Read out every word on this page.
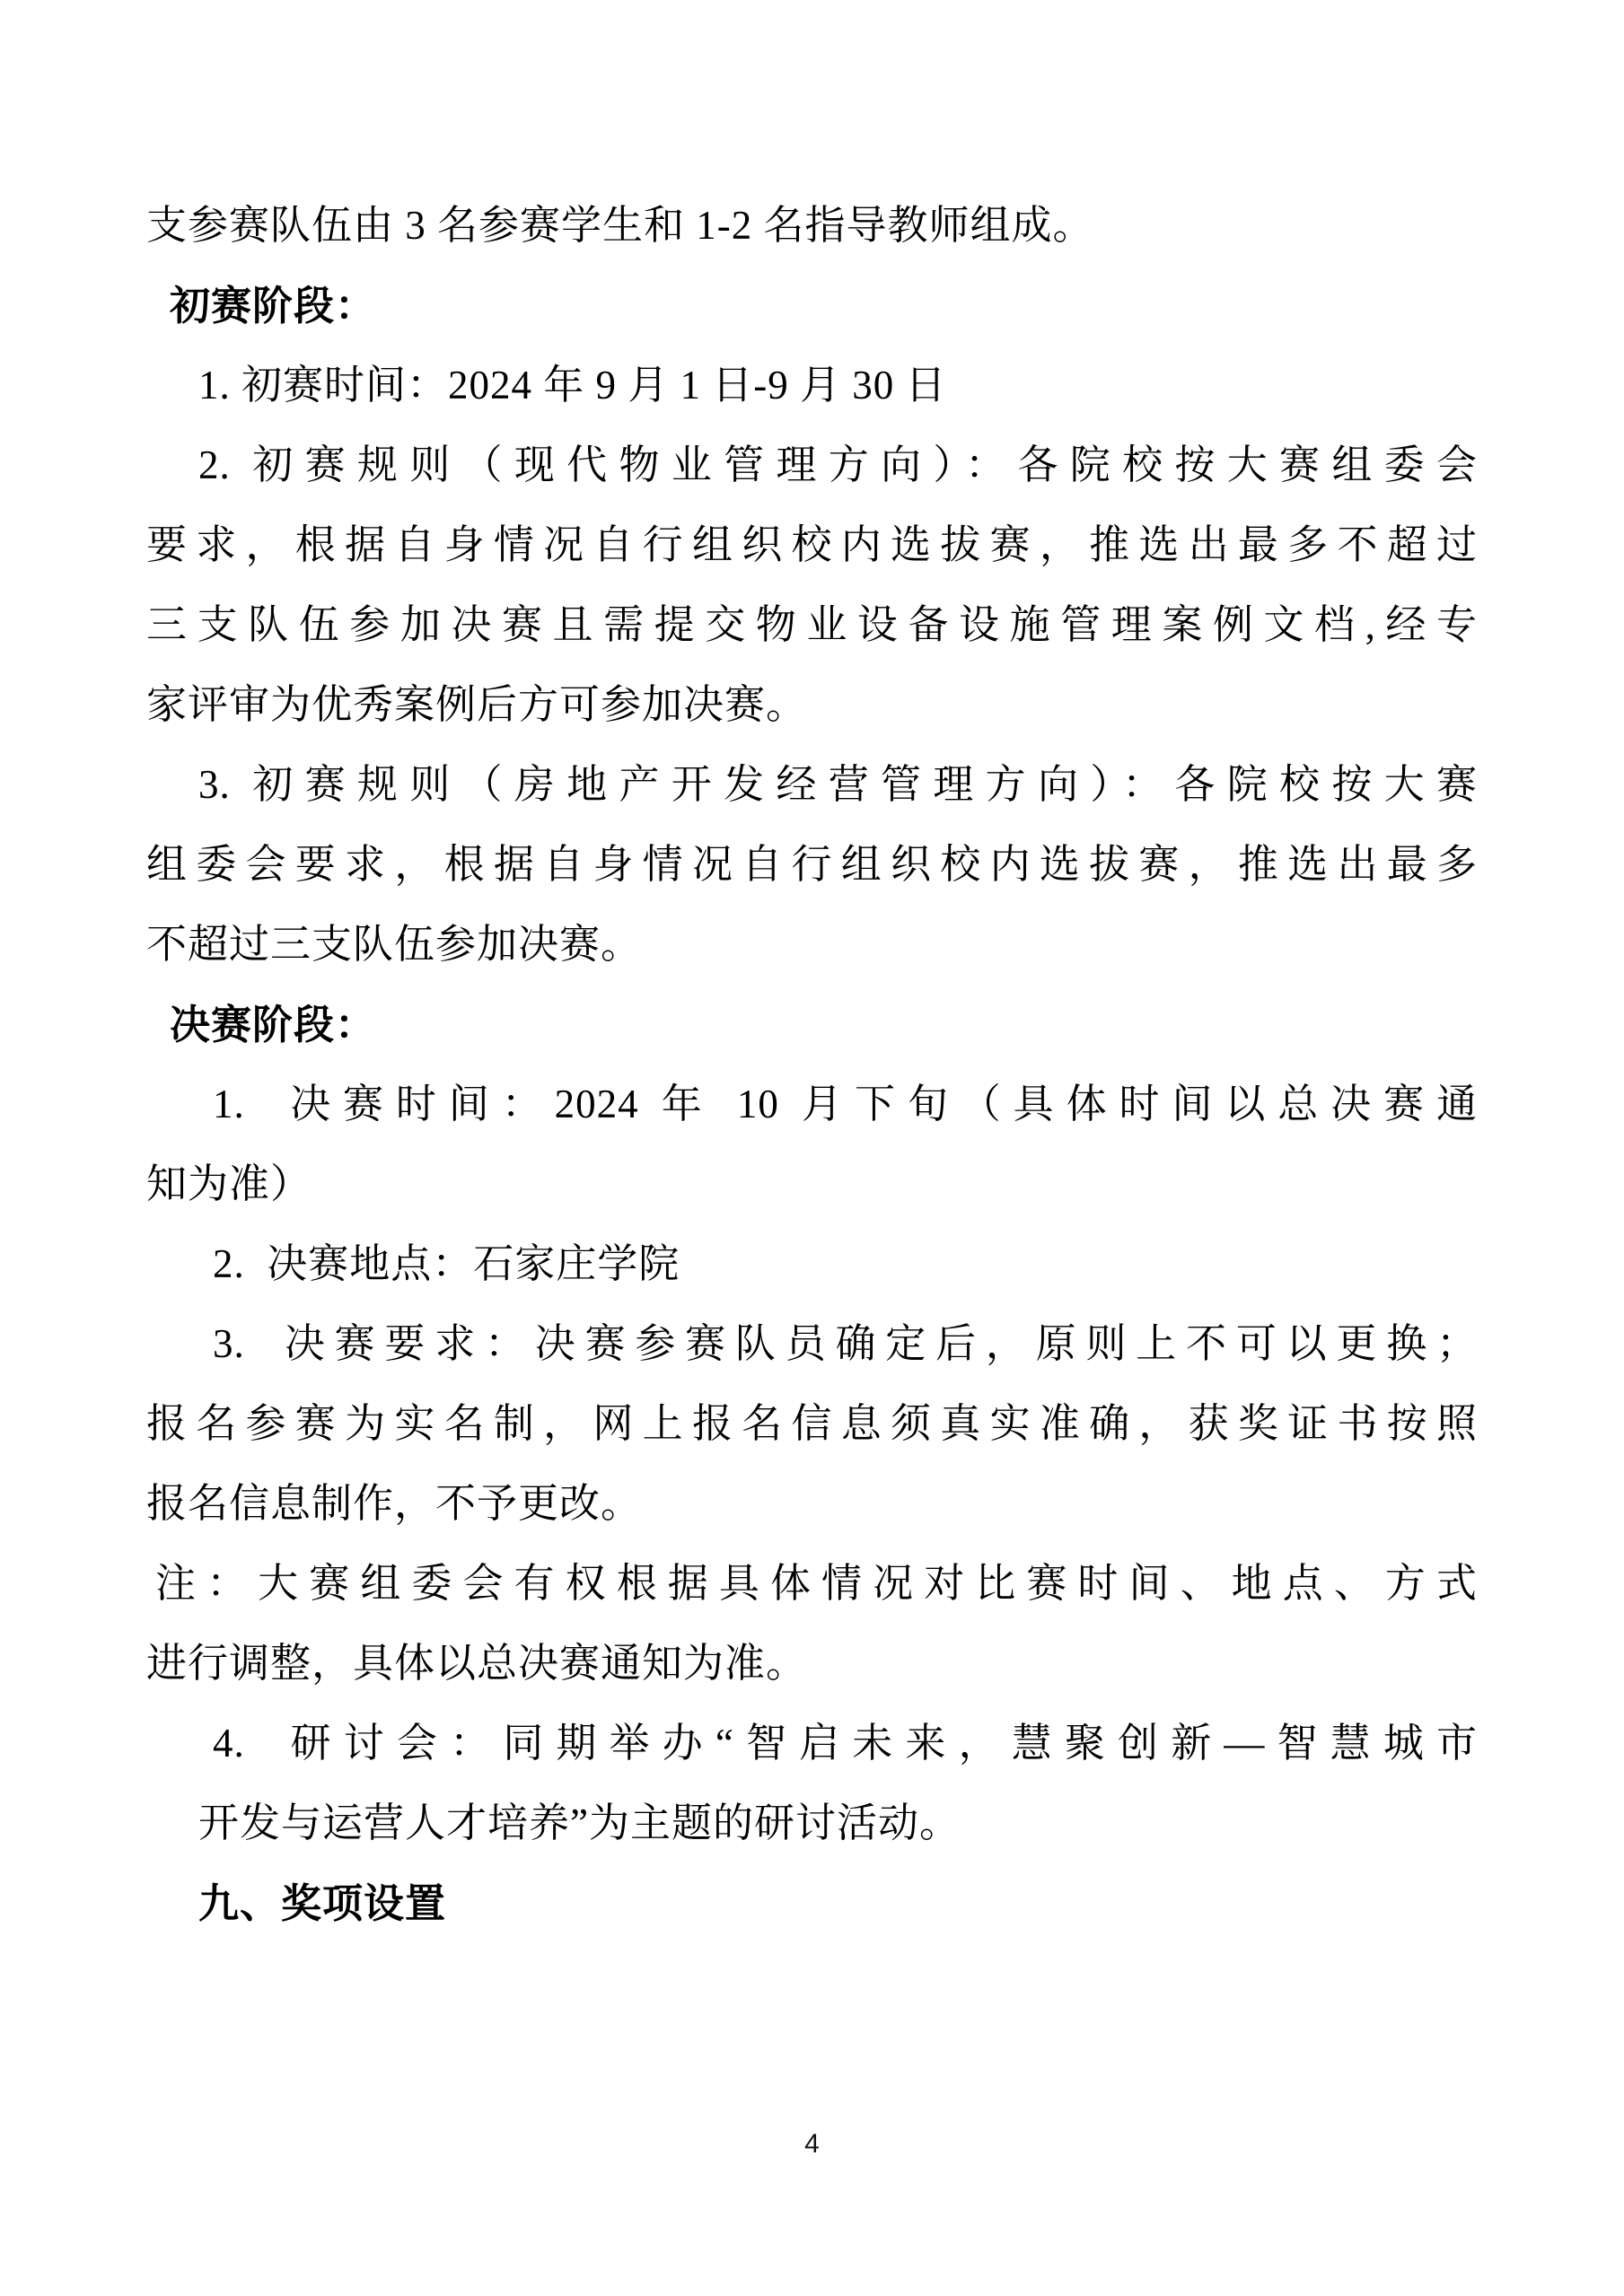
支参赛队伍由 3 名参赛学生和 1-2 名指导教师组成。
初赛阶段：
1. 初赛时间：2024 年 9 月 1 日-9 月 30 日
2. 初赛规则（现代物业管理方向）：各院校按大赛组委会
要求，根据自身情况自行组织校内选拔赛，推选出最多不超过
三支队伍参加决赛且需提交物业设备设施管理案例文档,经专
家评审为优秀案例后方可参加决赛。
3. 初赛规则（房地产开发经营管理方向）：各院校按大赛
组委会要求，根据自身情况自行组织校内选拔赛，推选出最多
不超过三支队伍参加决赛。
决赛阶段：
1.  决赛时间：2024 年 10 月下旬（具体时间以总决赛通
知为准）
2.  决赛地点：石家庄学院
3.  决赛要求：决赛参赛队员确定后，原则上不可以更换；
报名参赛为实名制，网上报名信息须真实准确，获奖证书按照
报名信息制作，不予更改。
注：大赛组委会有权根据具体情况对比赛时间、地点、方式
进行调整，具体以总决赛通知为准。
4.  研讨会：同期举办“智启未来，慧聚创新—智慧城市
开发与运营人才培养”为主题的研讨活动。
九、奖项设置
4
